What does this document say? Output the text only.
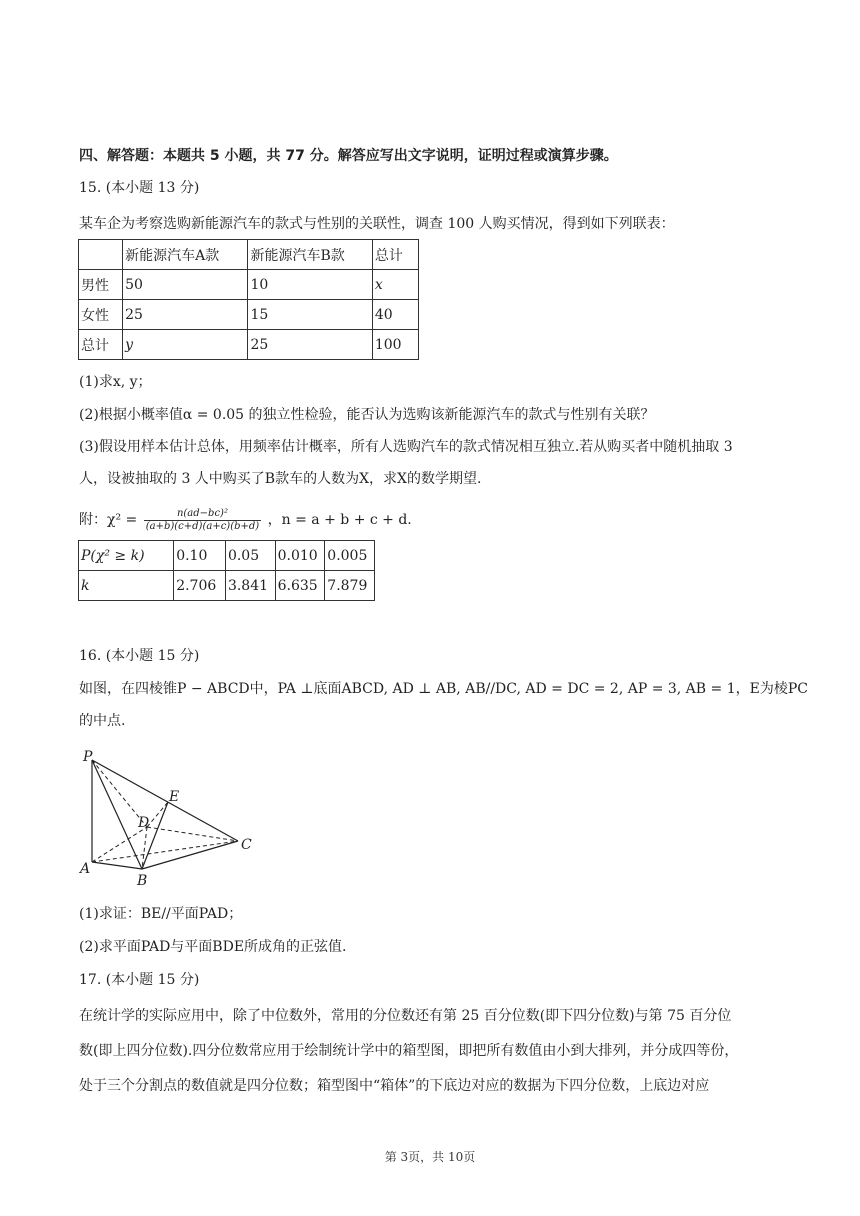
四、解答题：本题共 5 小题，共 77 分。解答应写出文字说明，证明过程或演算步骤。
15. (本小题 13 分)
某车企为考察选购新能源汽车的款式与性别的关联性，调查 100 人购买情况，得到如下列联表：
	新能源汽车A款	新能源汽车B款	总计
男性	50	10	x
女性	25	15	40
总计	y	25	100
(1)求x, y；
(2)根据小概率值α = 0.05 的独立性检验，能否认为选购该新能源汽车的款式与性别有关联？
(3)假设用样本估计总体，用频率估计概率，所有人选购汽车的款式情况相互独立.若从购买者中随机抽取 3
人，设被抽取的 3 人中购买了B款车的人数为X，求X的数学期望.
附：$\chi^2 = \frac{\text{n(ad−bc)²}}{(a+b)(c+d)(a+c)(b+d)}$ ，n = a + b + c + d.
P(χ² ≥ k)	0.10	0.05	0.010	0.005
k	2.706	3.841	6.635	7.879
16. (本小题 15 分)
如图，在四棱锥P − ABCD中，PA ⊥底面ABCD, AD ⊥ AB, AB//DC, AD = DC = 2, AP = 3, AB = 1，E为棱PC
的中点.
P
E
D
C
A
B
(1)求证：BE//平面PAD；
(2)求平面PAD与平面BDE所成角的正弦值.
17. (本小题 15 分)
在统计学的实际应用中，除了中位数外，常用的分位数还有第 25 百分位数(即下四分位数)与第 75 百分位
数(即上四分位数).四分位数常应用于绘制统计学中的箱型图，即把所有数值由小到大排列，并分成四等份，
处于三个分割点的数值就是四分位数；箱型图中“箱体”的下底边对应的数据为下四分位数，上底边对应
第 3页，共 10页
